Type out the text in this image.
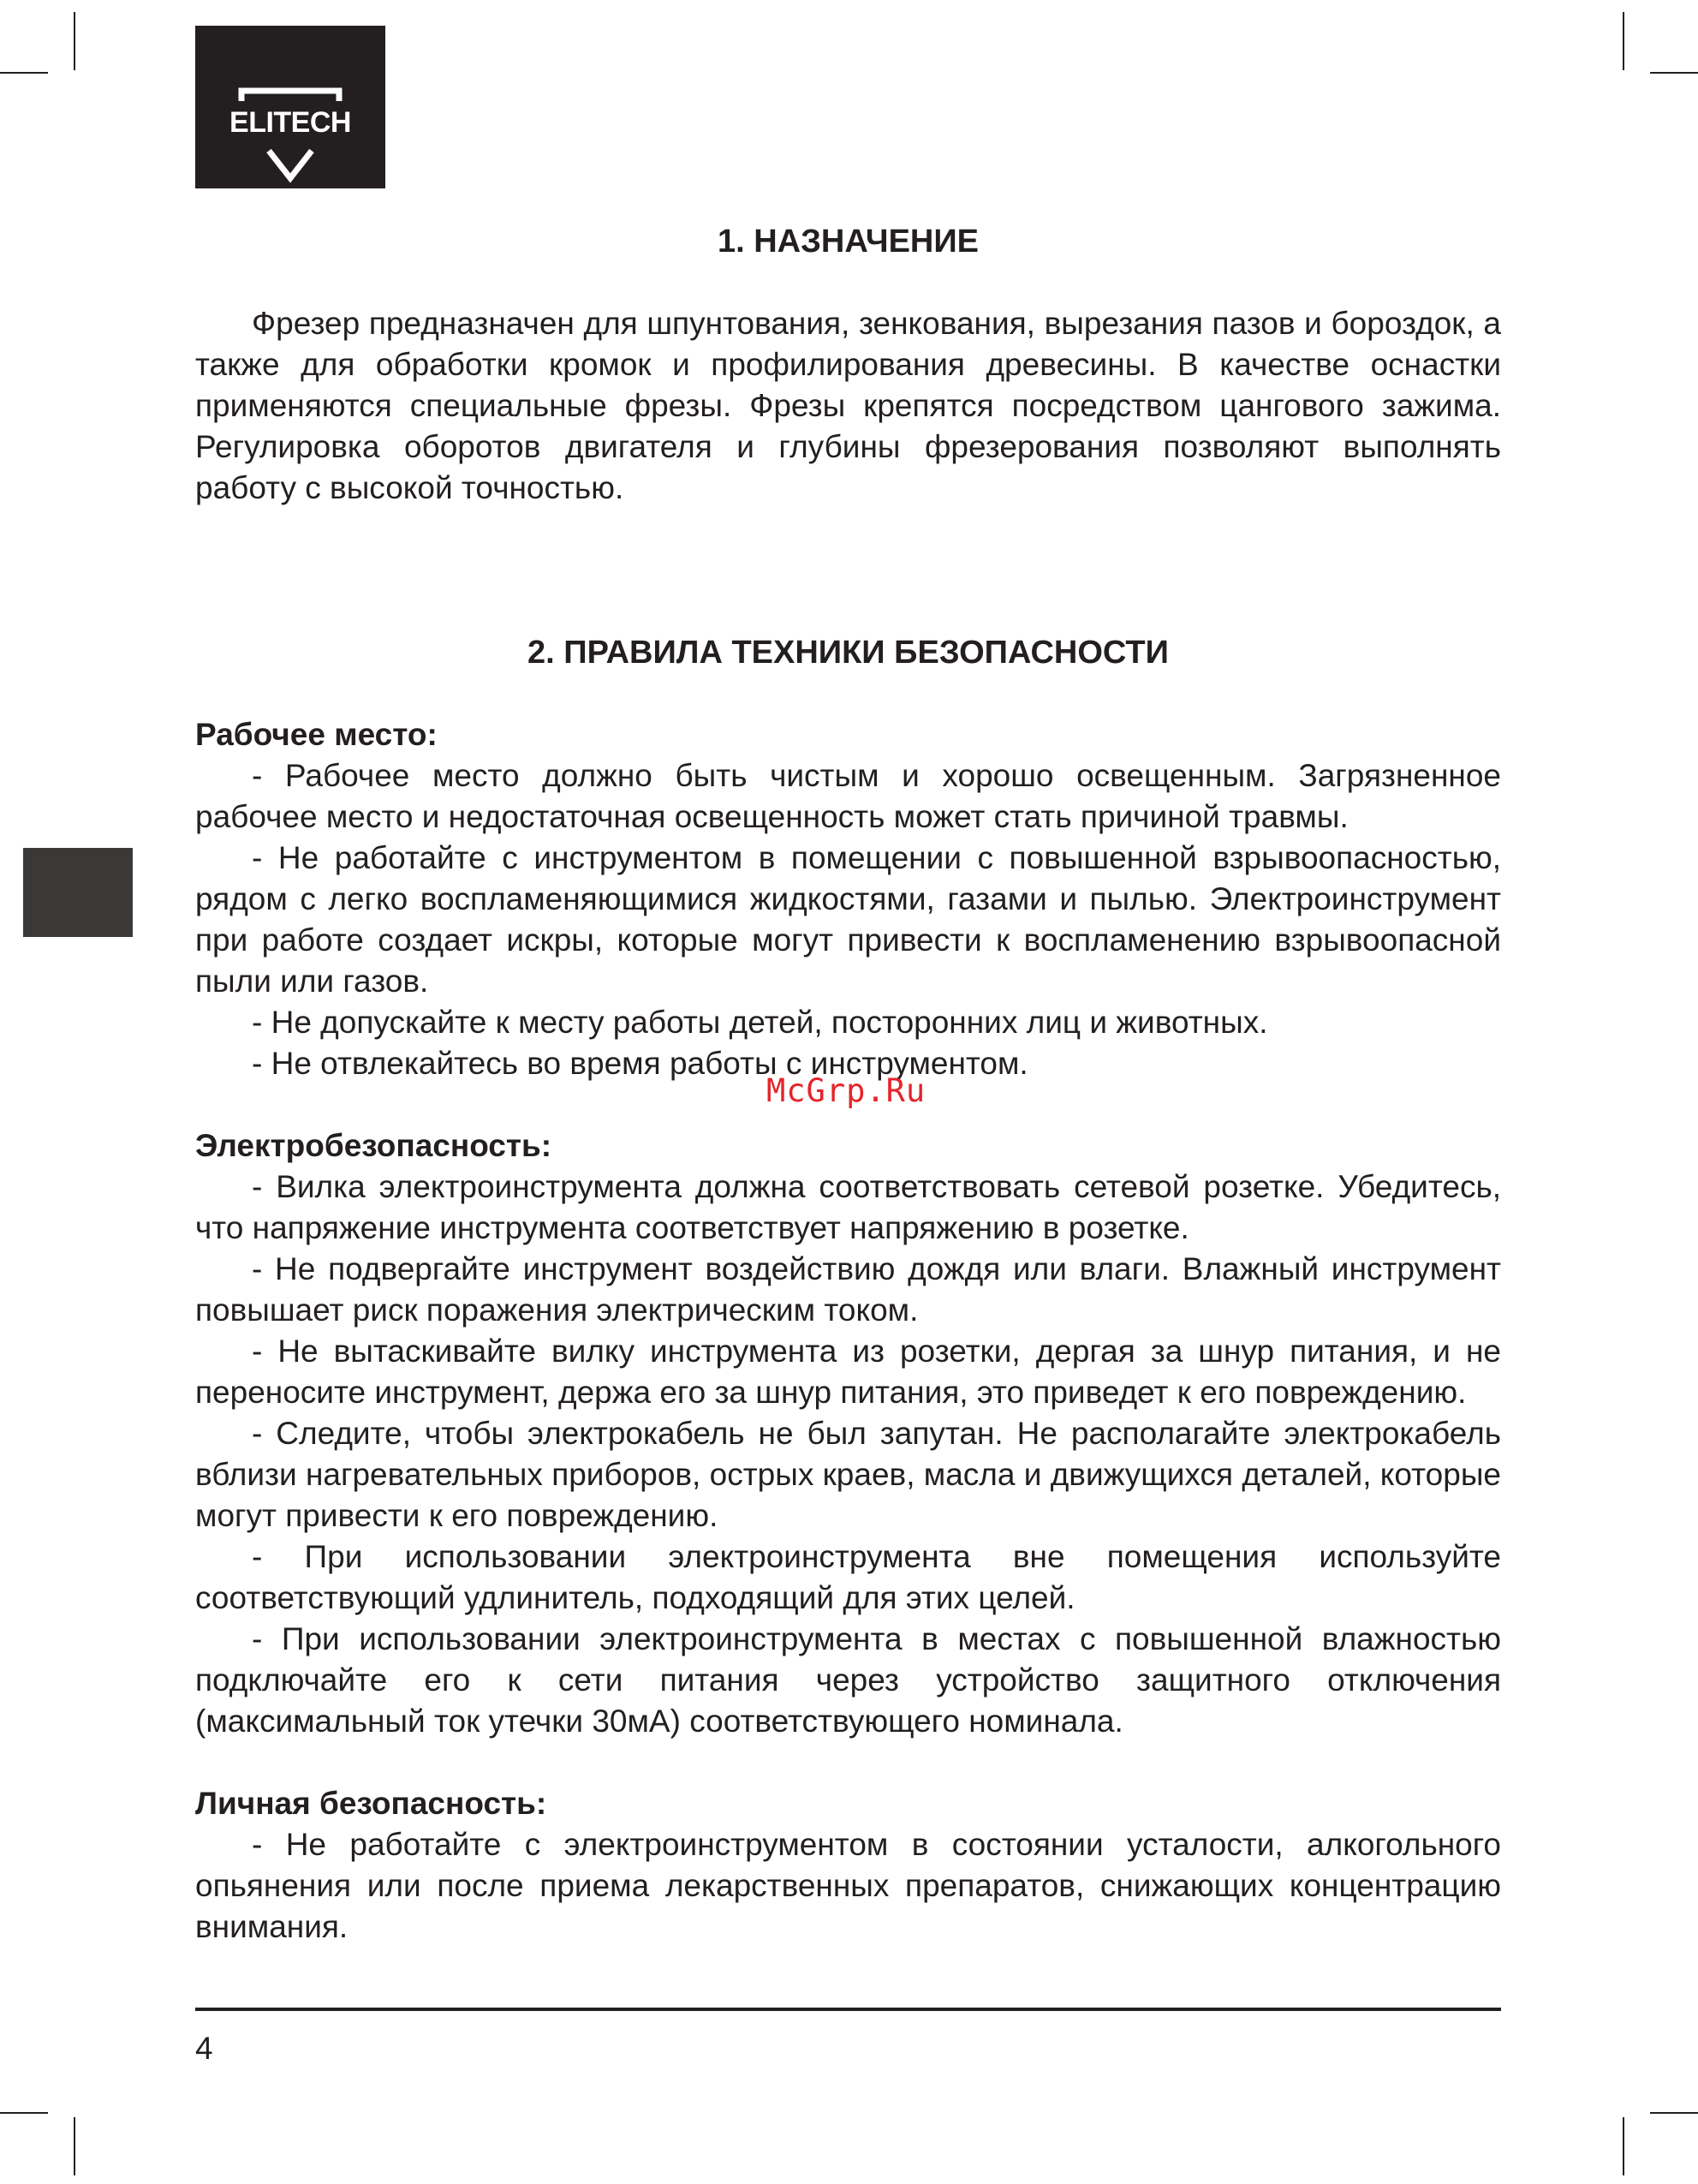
ELITECH
1. НАЗНАЧЕНИЕ

Фрезер предназначен для шпунтования, зенкования, вырезания пазов и бороздок, а также для обработки кромок и профилирования древесины. В качестве оснастки применяются специальные фрезы. Фрезы крепятся посредством цангового зажима. Регулировка оборотов двигателя и глубины фрезерования позволяют выполнять работу с высокой точностью.

2. ПРАВИЛА ТЕХНИКИ БЕЗОПАСНОСТИ
Рабочее место:

- Рабочее место должно быть чистым и хорошо освещенным. Загрязненное рабочее место и недостаточная освещенность может стать причиной травмы.

- Не работайте с инструментом в помещении с повышенной взрывоопасностью, рядом с легко воспламеняющимися жидкостями, газами и пылью. Электроинструмент при работе создает искры, которые могут привести к воспламенению взрывоопасной пыли или газов.

- Не допускайте к месту работы детей, посторонних лиц и животных.

- Не отвлекайтесь во время работы с инструментом.

Электробезопасность:

- Вилка электроинструмента должна соответствовать сетевой розетке. Убедитесь, что напряжение инструмента соответствует напряжению в розетке.

- Не подвергайте инструмент воздействию дождя или влаги. Влажный инструмент повышает риск поражения электрическим током.

- Не вытаскивайте вилку инструмента из розетки, дергая за шнур питания, и не переносите инструмент, держа его за шнур питания, это приведет к его повреждению.

- Следите, чтобы электрокабель не был запутан. Не располагайте электрокабель вблизи нагревательных приборов, острых краев, масла и движущихся деталей, которые могут привести к его повреждению.

- При использовании электроинструмента вне помещения используйте соответствующий удлинитель, подходящий для этих целей.

- При использовании электроинструмента в местах с повышенной влажностью подключайте его к сети питания через устройство защитного отключения (максимальный ток утечки 30мА) соответствующего номинала.

Личная безопасность:

- Не работайте с электроинструментом в состоянии усталости, алкогольного опьянения или после приема лекарственных препаратов, снижающих концентрацию внимания.

McGrp.Ru
4
